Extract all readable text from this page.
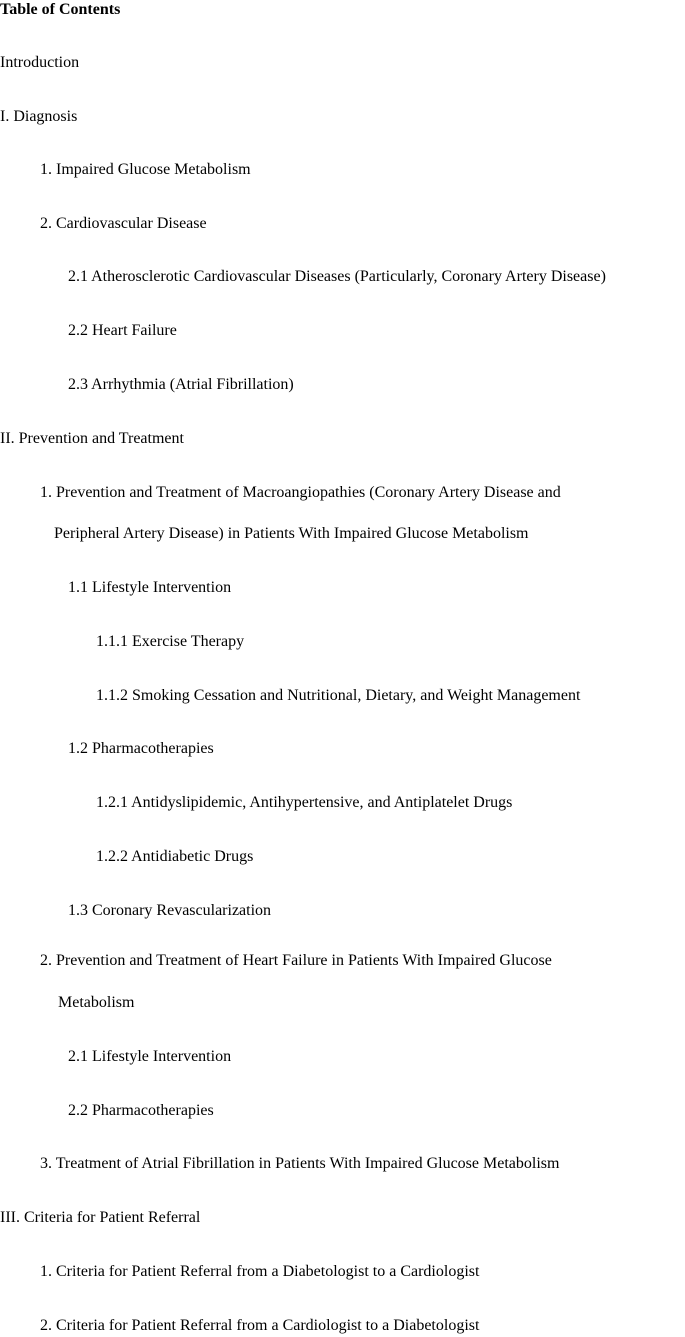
Table of Contents
Introduction
I. Diagnosis
1. Impaired Glucose Metabolism
2. Cardiovascular Disease
2.1 Atherosclerotic Cardiovascular Diseases (Particularly, Coronary Artery Disease)
2.2 Heart Failure
2.3 Arrhythmia (Atrial Fibrillation)
II. Prevention and Treatment
1. Prevention and Treatment of Macroangiopathies (Coronary Artery Disease and
Peripheral Artery Disease) in Patients With Impaired Glucose Metabolism
1.1 Lifestyle Intervention
1.1.1 Exercise Therapy
1.1.2 Smoking Cessation and Nutritional, Dietary, and Weight Management
1.2 Pharmacotherapies
1.2.1 Antidyslipidemic, Antihypertensive, and Antiplatelet Drugs
1.2.2 Antidiabetic Drugs
1.3 Coronary Revascularization
2. Prevention and Treatment of Heart Failure in Patients With Impaired Glucose
Metabolism
2.1 Lifestyle Intervention
2.2 Pharmacotherapies
3. Treatment of Atrial Fibrillation in Patients With Impaired Glucose Metabolism
III. Criteria for Patient Referral
1. Criteria for Patient Referral from a Diabetologist to a Cardiologist
2. Criteria for Patient Referral from a Cardiologist to a Diabetologist
